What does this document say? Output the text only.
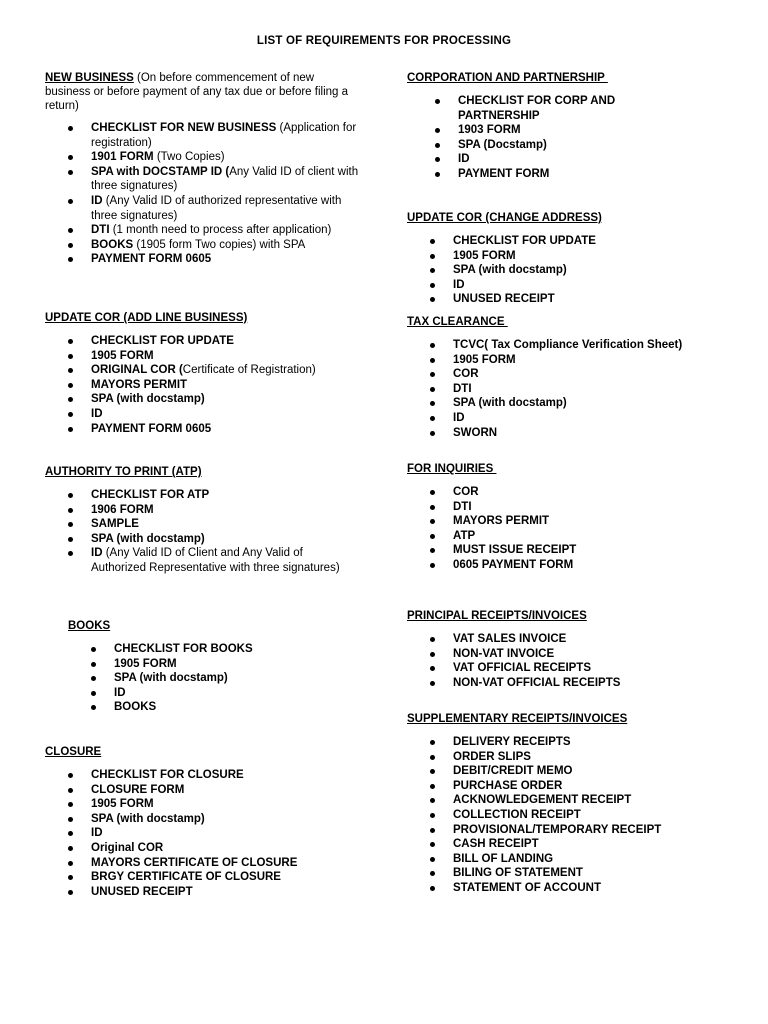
LIST OF REQUIREMENTS FOR PROCESSING
NEW BUSINESS (On before commencement of new business or before payment of any tax due or before filing a return)
CHECKLIST FOR NEW BUSINESS (Application for registration)
1901 FORM (Two Copies)
SPA with DOCSTAMP ID (Any Valid ID of client with three signatures)
ID (Any Valid ID of authorized representative with three signatures)
DTI (1 month need to process after application)
BOOKS (1905 form Two copies) with SPA
PAYMENT FORM 0605
UPDATE COR (ADD LINE BUSINESS)
CHECKLIST FOR UPDATE
1905 FORM
ORIGINAL COR (Certificate of Registration)
MAYORS PERMIT
SPA (with docstamp)
ID
PAYMENT FORM 0605
AUTHORITY TO PRINT (ATP)
CHECKLIST FOR ATP
1906 FORM
SAMPLE
SPA (with docstamp)
ID (Any Valid ID of Client and Any Valid of Authorized Representative with three signatures)
BOOKS
CHECKLIST FOR BOOKS
1905 FORM
SPA (with docstamp)
ID
BOOKS
CLOSURE
CHECKLIST FOR CLOSURE
CLOSURE FORM
1905 FORM
SPA (with docstamp)
ID
Original COR
MAYORS CERTIFICATE OF CLOSURE
BRGY CERTIFICATE OF CLOSURE
UNUSED RECEIPT
CORPORATION AND PARTNERSHIP
CHECKLIST FOR CORP AND PARTNERSHIP
1903 FORM
SPA (Docstamp)
ID
PAYMENT FORM
UPDATE COR (CHANGE ADDRESS)
CHECKLIST FOR UPDATE
1905 FORM
SPA (with docstamp)
ID
UNUSED RECEIPT
TAX CLEARANCE
TCVC( Tax Compliance Verification Sheet)
1905 FORM
COR
DTI
SPA (with docstamp)
ID
SWORN
FOR INQUIRIES
COR
DTI
MAYORS PERMIT
ATP
MUST ISSUE RECEIPT
0605 PAYMENT FORM
PRINCIPAL RECEIPTS/INVOICES
VAT SALES INVOICE
NON-VAT INVOICE
VAT OFFICIAL RECEIPTS
NON-VAT OFFICIAL RECEIPTS
SUPPLEMENTARY RECEIPTS/INVOICES
DELIVERY RECEIPTS
ORDER SLIPS
DEBIT/CREDIT MEMO
PURCHASE ORDER
ACKNOWLEDGEMENT RECEIPT
COLLECTION RECEIPT
PROVISIONAL/TEMPORARY RECEIPT
CASH RECEIPT
BILL OF LANDING
BILING OF STATEMENT
STATEMENT OF ACCOUNT
